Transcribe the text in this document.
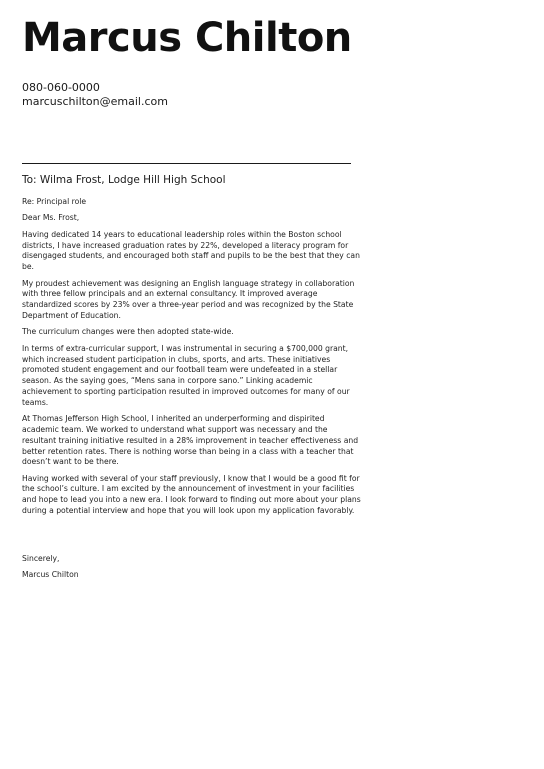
Marcus Chilton
080-060-0000
marcuschilton@email.com
To: Wilma Frost, Lodge Hill High School

Re: Principal role

Dear Ms. Frost,

Having dedicated 14 years to educational leadership roles within the Boston school districts, I have increased graduation rates by 22%, developed a literacy program for disengaged students, and encouraged both staff and pupils to be the best that they can be.

My proudest achievement was designing an English language strategy in collaboration with three fellow principals and an external consultancy. It improved average standardized scores by 23% over a three-year period and was recognized by the State Department of Education.

The curriculum changes were then adopted state-wide.

In terms of extra-curricular support, I was instrumental in securing a $700,000 grant, which increased student participation in clubs, sports, and arts. These initiatives promoted student engagement and our football team were undefeated in a stellar season. As the saying goes, “Mens sana in corpore sano.” Linking academic achievement to sporting participation resulted in improved outcomes for many of our teams.

At Thomas Jefferson High School, I inherited an underperforming and dispirited academic team. We worked to understand what support was necessary and the resultant training initiative resulted in a 28% improvement in teacher effectiveness and better retention rates. There is nothing worse than being in a class with a teacher that doesn’t want to be there.

Having worked with several of your staff previously, I know that I would be a good fit for the school’s culture. I am excited by the announcement of investment in your facilities and hope to lead you into a new era. I look forward to finding out more about your plans during a potential interview and hope that you will look upon my application favorably.

Sincerely,
Marcus Chilton
